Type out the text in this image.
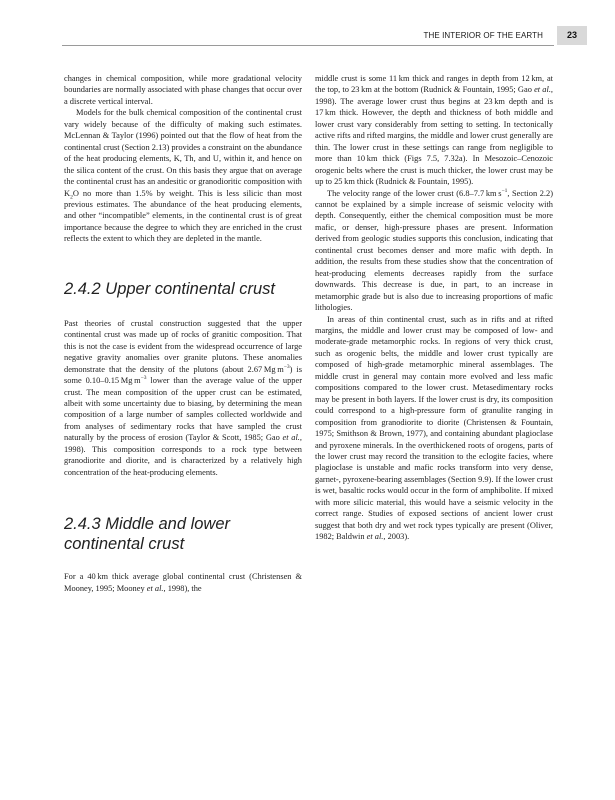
THE INTERIOR OF THE EARTH	23

changes in chemical composition, while more gradational velocity boundaries are normally associated with phase changes that occur over a discrete vertical interval.

Models for the bulk chemical composition of the continental crust vary widely because of the difficulty of making such estimates. McLennan & Taylor (1996) pointed out that the flow of heat from the continental crust (Section 2.13) provides a constraint on the abundance of the heat producing elements, K, Th, and U, within it, and hence on the silica content of the crust. On this basis they argue that on average the continental crust has an andesitic or granodioritic composition with $K_2O$ no more than 1.5% by weight. This is less silicic than most previous estimates. The abundance of the heat producing elements, and other “incompatible” elements, in the continental crust is of great importance because the degree to which they are enriched in the crust reflects the extent to which they are depleted in the mantle.

2.4.2 Upper continental crust

Past theories of crustal construction suggested that the upper continental crust was made up of rocks of granitic composition. That this is not the case is evident from the widespread occurrence of large negative gravity anomalies over granite plutons. These anomalies demonstrate that the density of the plutons (about 2.67 Mg $m^{-3}$) is some 0.10–0.15 Mg $m^{-3}$ lower than the average value of the upper crust. The mean composition of the upper crust can be estimated, albeit with some uncertainty due to biasing, by determining the mean composition of a large number of samples collected worldwide and from analyses of sedimentary rocks that have sampled the crust naturally by the process of erosion (Taylor & Scott, 1985; Gao et al., 1998). This composition corresponds to a rock type between granodiorite and diorite, and is characterized by a relatively high concentration of the heat-producing elements.

2.4.3 Middle and lower continental crust

For a 40 km thick average global continental crust (Christensen & Mooney, 1995; Mooney et al., 1998), the

middle crust is some 11 km thick and ranges in depth from 12 km, at the top, to 23 km at the bottom (Rudnick & Fountain, 1995; Gao et al., 1998). The average lower crust thus begins at 23 km depth and is 17 km thick. However, the depth and thickness of both middle and lower crust vary considerably from setting to setting. In tectonically active rifts and rifted margins, the middle and lower crust generally are thin. The lower crust in these settings can range from negligible to more than 10 km thick (Figs 7.5, 7.32a). In Mesozoic–Cenozoic orogenic belts where the crust is much thicker, the lower crust may be up to 25 km thick (Rudnick & Fountain, 1995).

The velocity range of the lower crust (6.8–7.7 km $s^{-1}$, Section 2.2) cannot be explained by a simple increase of seismic velocity with depth. Consequently, either the chemical composition must be more mafic, or denser, high-pressure phases are present. Information derived from geologic studies supports this conclusion, indicating that continental crust becomes denser and more mafic with depth. In addition, the results from these studies show that the concentration of heat-producing elements decreases rapidly from the surface downwards. This decrease is due, in part, to an increase in metamorphic grade but is also due to increasing proportions of mafic lithologies.

In areas of thin continental crust, such as in rifts and at rifted margins, the middle and lower crust may be composed of low- and moderate-grade metamorphic rocks. In regions of very thick crust, such as orogenic belts, the middle and lower crust typically are composed of high-grade metamorphic mineral assemblages. The middle crust in general may contain more evolved and less mafic compositions compared to the lower crust. Metasedimentary rocks may be present in both layers. If the lower crust is dry, its composition could correspond to a high-pressure form of granulite ranging in composition from granodiorite to diorite (Christensen & Fountain, 1975; Smithson & Brown, 1977), and containing abundant plagioclase and pyroxene minerals. In the overthickened roots of orogens, parts of the lower crust may record the transition to the eclogite facies, where plagioclase is unstable and mafic rocks transform into very dense, garnet-, pyroxene-bearing assemblages (Section 9.9). If the lower crust is wet, basaltic rocks would occur in the form of amphibolite. If mixed with more silicic material, this would have a seismic velocity in the correct range. Studies of exposed sections of ancient lower crust suggest that both dry and wet rock types typically are present (Oliver, 1982; Baldwin et al., 2003).
